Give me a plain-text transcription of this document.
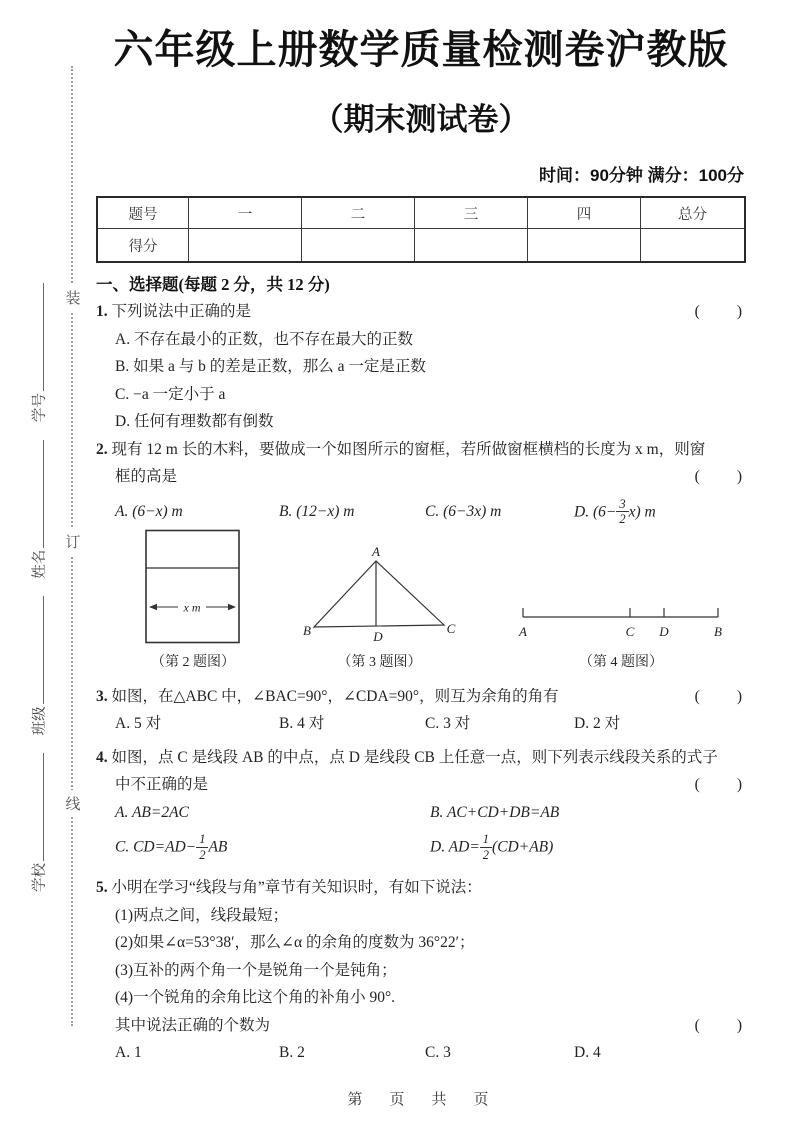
装
订
线
学校 班级 姓名 学号
六年级上册数学质量检测卷沪教版
（期末测试卷）
时间：90分钟 满分：100分
题号	一	二	三	四	总分
得分					
一、选择题(每题 2 分，共 12 分)
1. 下列说法中正确的是	(　　)
A. 不存在最小的正数，也不存在最大的正数
B. 如果 a 与 b 的差是正数，那么 a 一定是正数
C. −a 一定小于 a
D. 任何有理数都有倒数
2. 现有 12 m 长的木料，要做成一个如图所示的窗框，若所做窗框横档的长度为 x m，则窗
框的高是	(　　)
A. (6−x) m	B. (12−x) m	C. (6−3x) m	D. $(6- \frac{3}{2} x)$ m
x m
（第 2 题图）
A
B	C
D
（第 3 题图）
A	C D	B
（第 4 题图）
3. 如图，在△ABC 中，∠BAC=90°，∠CDA=90°，则互为余角的角有	(　　)
A. 5 对	B. 4 对	C. 3 对	D. 2 对
4. 如图，点 C 是线段 AB 的中点，点 D 是线段 CB 上任意一点，则下列表示线段关系的式子
中不正确的是	(　　)
A. AB=2AC	B. AC+CD+DB=AB
C. $CD=AD- \frac{1}{2}$ AB	D. $AD= \frac{1}{2} (CD+AB)$
5. 小明在学习“线段与角”章节有关知识时，有如下说法：
(1)两点之间，线段最短；
(2)如果∠α=53°38′，那么∠α 的余角的度数为 36°22′；
(3)互补的两个角一个是锐角一个是钝角；
(4)一个锐角的余角比这个角的补角小 90°.
其中说法正确的个数为	(　　)
A. 1	B. 2	C. 3	D. 4
第　页　共　页
